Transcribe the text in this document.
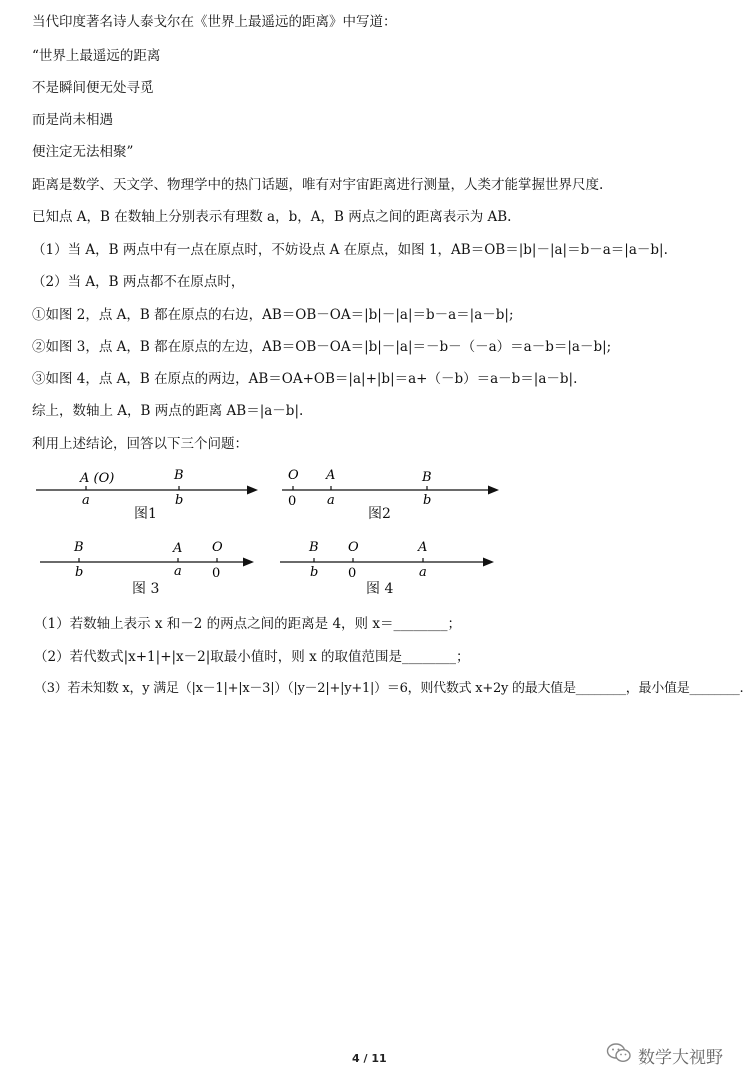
当代印度著名诗人泰戈尔在《世界上最遥远的距离》中写道：
“世界上最遥远的距离
不是瞬间便无处寻觅
而是尚未相遇
便注定无法相聚”
距离是数学、天文学、物理学中的热门话题，唯有对宇宙距离进行测量，人类才能掌握世界尺度.
已知点 A，B 在数轴上分别表示有理数 a，b，A，B 两点之间的距离表示为 AB.
（1）当 A，B 两点中有一点在原点时，不妨设点 A 在原点，如图 1，AB＝OB＝|b|－|a|＝b－a＝|a－b|.
（2）当 A，B 两点都不在原点时，
①如图 2，点 A，B 都在原点的右边，AB＝OB－OA＝|b|－|a|＝b－a＝|a－b|;
②如图 3，点 A，B 都在原点的左边，AB＝OB－OA＝|b|－|a|＝－b－（－a）＝a－b＝|a－b|;
③如图 4，点 A，B 在原点的两边，AB＝OA+OB＝|a|+|b|＝a+（－b）＝a－b＝|a－b|.
综上，数轴上 A，B 两点的距离 AB＝|a－b|.
利用上述结论，回答以下三个问题：
A (O)
a
B
b
图1
O
0
A
a
B
b
图2
B
b
A
a
O
0
图 3
B
b
O
0
A
a
图 4
（1）若数轴上表示 x 和－2 的两点之间的距离是 4，则 x＝________；
（2）若代数式|x+1|+|x－2|取最小值时，则 x 的取值范围是________；
（3）若未知数 x，y 满足（|x－1|+|x－3|）（|y－2|+|y+1|）＝6，则代数式 x+2y 的最大值是________，最小值是________.
4 / 11	数学大视野
